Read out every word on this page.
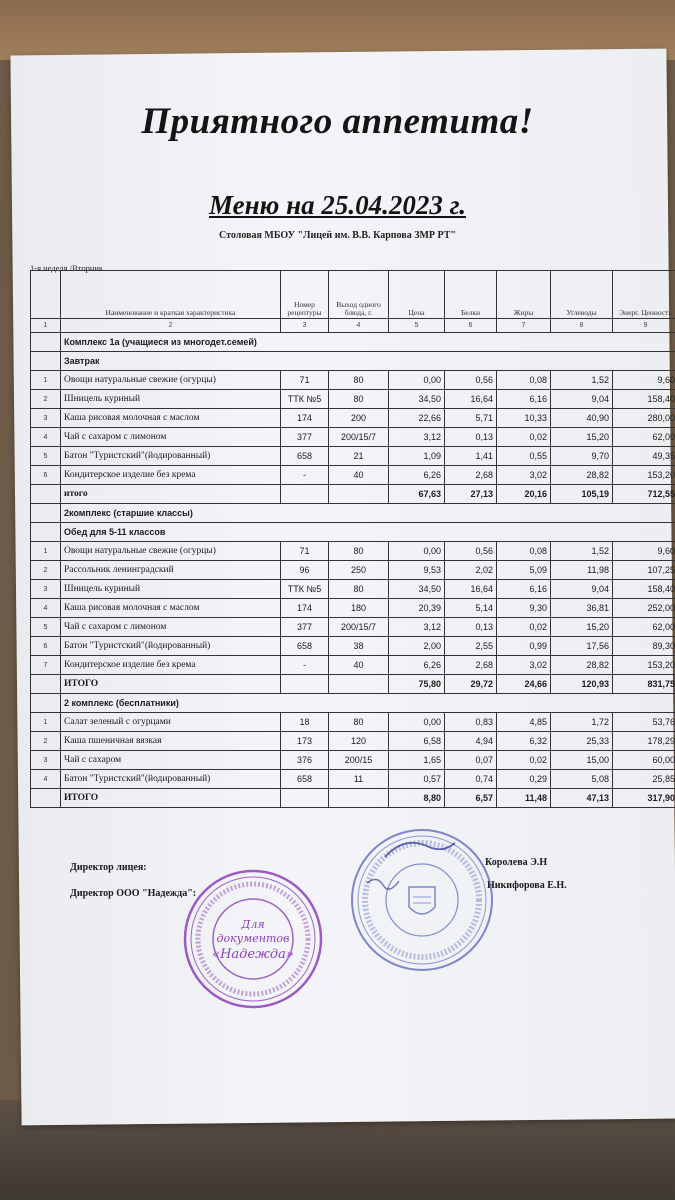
Приятного аппетита!
Меню на 25.04.2023 г.
Столовая МБОУ "Лицей им. В.В. Карпова ЗМР РТ"
1-я неделя /Вторник
	Наименование и краткая характеристика	Номер рецептуры	Выход одного блюда, г.	Цена	Белки	Жиры	Углеводы	Энерг. Ценность
1	2	3	4	5	6	7	8	9
	Комплекс 1а (учащиеся из многодет.семей)							
	Завтрак							
1	Овощи натуральные свежие (огурцы)	71	80	0,00	0,56	0,08	1,52	9,60
2	Шницель куриный	ТТК №5	80	34,50	16,64	6,16	9,04	158,40
3	Каша рисовая молочная с маслом	174	200	22,66	5,71	10,33	40,90	280,00
4	Чай с сахаром с лимоном	377	200/15/7	3,12	0,13	0,02	15,20	62,00
5	Батон "Туристский"(йодированный)	658	21	1,09	1,41	0,55	9,70	49,35
6	Кондитерское изделие без крема	-	40	6,26	2,68	3,02	28,82	153,20
	итого			67,63	27,13	20,16	105,19	712,55
	2комплекс (старшие классы)							
	Обед для 5-11 классов							
1	Овощи натуральные свежие (огурцы)	71	80	0,00	0,56	0,08	1,52	9,60
2	Рассольник ленинградский	96	250	9,53	2,02	5,09	11,98	107,25
3	Шницель куриный	ТТК №5	80	34,50	16,64	6,16	9,04	158,40
4	Каша рисовая молочная с маслом	174	180	20,39	5,14	9,30	36,81	252,00
5	Чай с сахаром с лимоном	377	200/15/7	3,12	0,13	0,02	15,20	62,00
6	Батон "Туристский"(йодированный)	658	38	2,00	2,55	0,99	17,56	89,30
7	Кондитерское изделие без крема	-	40	6,26	2,68	3,02	28,82	153,20
	ИТОГО			75,80	29,72	24,66	120,93	831,75
	2 комплекс (бесплатники)							
1	Салат зеленый с огурцами	18	80	0,00	0,83	4,85	1,72	53,76
2	Каша пшеничная вязкая	173	120	6,58	4,94	6,32	25,33	178,29
3	Чай с сахаром	376	200/15	1,65	0,07	0,02	15,00	60,00
4	Батон "Туристский"(йодированный)	658	11	0,57	0,74	0,29	5,08	25,85
	ИТОГО			8,80	6,57	11,48	47,13	317,90
Директор лицея:
Директор ООО "Надежда":
Королева Э.Н
Никифорова Е.Н.
Для
документов
«Надежда»
